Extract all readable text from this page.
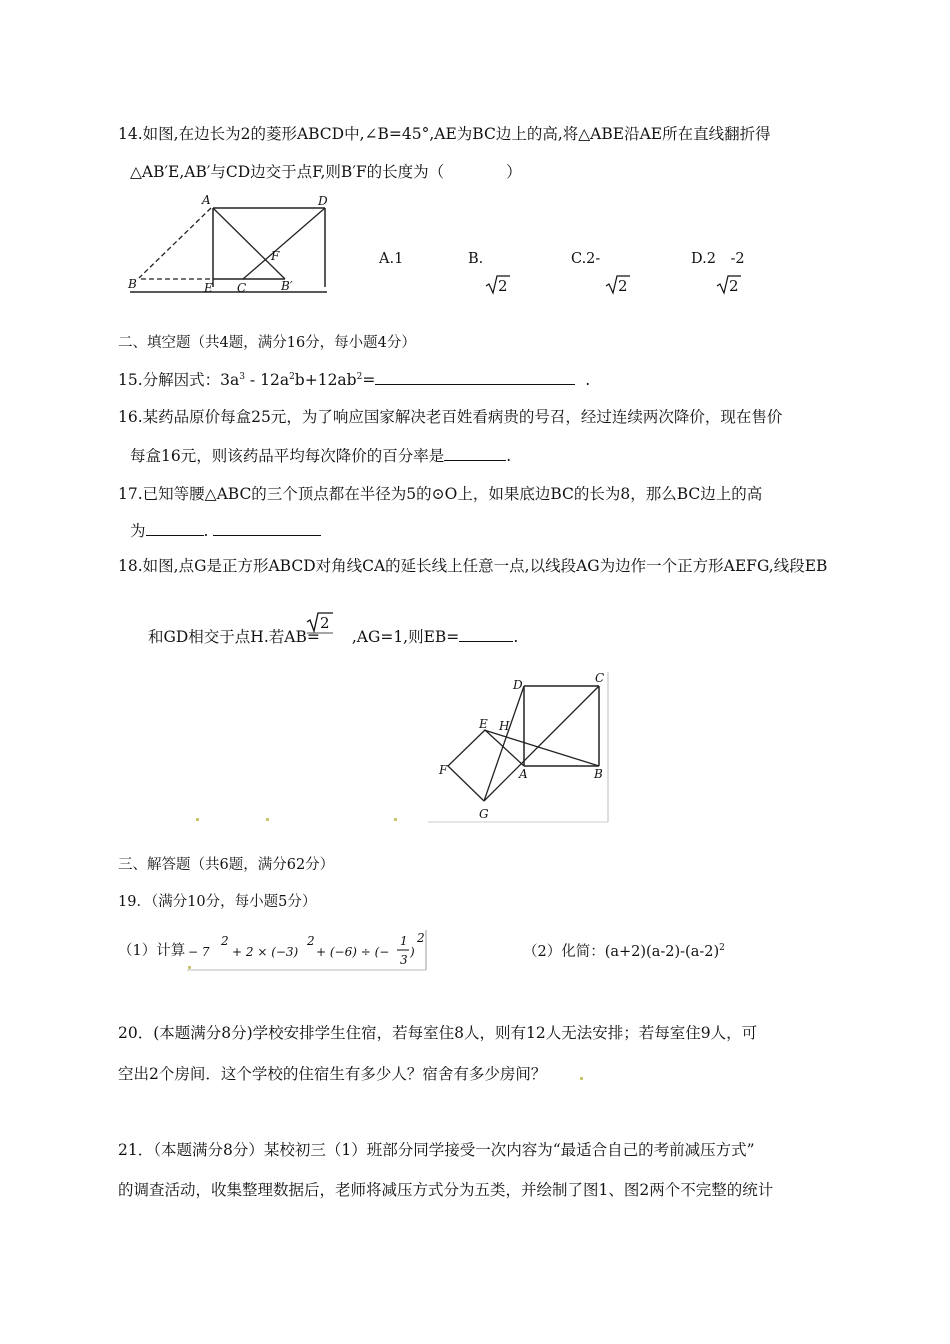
14.如图,在边长为2的菱形ABCD中,∠B=45°,AE为BC边上的高,将△ABE沿AE所在直线翻折得
△AB′E,AB′与CD边交于点F,则B′F的长度为（　　　　）
A	D
F
B	E C	B′
A.1	B.	C.2-	D.2　-2
2	2	2
二、填空题（共4题，满分16分，每小题4分）
15.分解因式：$3a^3 - 12a^2b+12ab^2=$	.
16.某药品原价每盒25元，为了响应国家解决老百姓看病贵的号召，经过连续两次降价，现在售价
每盒16元，则该药品平均每次降价的百分率是	.
17.已知等腰△ABC的三个顶点都在半径为5的⊙O上，如果底边BC的长为8，那么BC边上的高
为	.
18.如图,点G是正方形ABCD对角线CA的延长线上任意一点,以线段AG为边作一个正方形AEFG,线段EB
和GD相交于点H.若AB= ,AG=1,则EB=	.
2
D	C
E H
F	A	B
G
三、解答题（共6题，满分62分）
19．（满分10分，每小题5分）
（1）计算 − 7
2
+ 2 × (−3)
2
+ (−6) ÷ (−
1
3
)
2
（2）化简：$(a+2)(a-2)-(a-2)^2$
20．(本题满分8分)学校安排学生住宿，若每室住8人，则有12人无法安排；若每室住9人，可
空出2个房间．这个学校的住宿生有多少人？宿舍有多少房间？
21．（本题满分8分）某校初三（1）班部分同学接受一次内容为“最适合自己的考前减压方式”
的调查活动，收集整理数据后，老师将减压方式分为五类，并绘制了图1、图2两个不完整的统计
